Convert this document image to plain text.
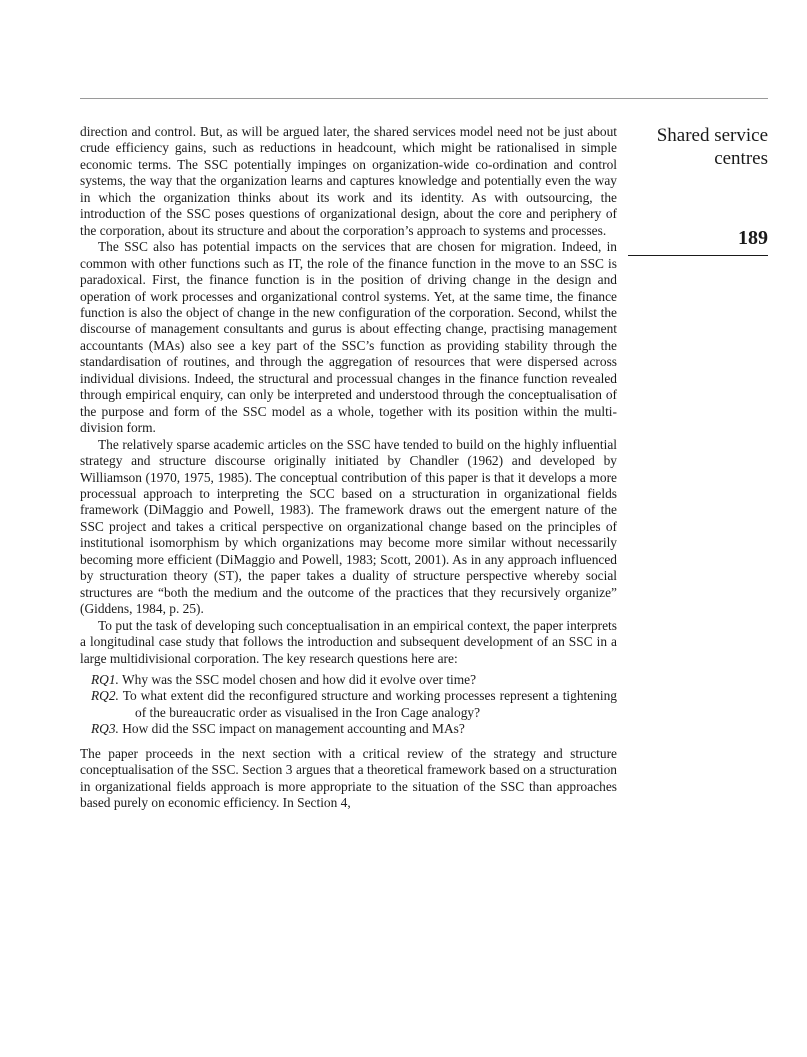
Shared service
centres
189

direction and control. But, as will be argued later, the shared services model need not be just about crude efficiency gains, such as reductions in headcount, which might be rationalised in simple economic terms. The SSC potentially impinges on organization-wide co-ordination and control systems, the way that the organization learns and captures knowledge and potentially even the way in which the organization thinks about its work and its identity. As with outsourcing, the introduction of the SSC poses questions of organizational design, about the core and periphery of the corporation, about its structure and about the corporation’s approach to systems and processes.

The SSC also has potential impacts on the services that are chosen for migration. Indeed, in common with other functions such as IT, the role of the finance function in the move to an SSC is paradoxical. First, the finance function is in the position of driving change in the design and operation of work processes and organizational control systems. Yet, at the same time, the finance function is also the object of change in the new configuration of the corporation. Second, whilst the discourse of management consultants and gurus is about effecting change, practising management accountants (MAs) also see a key part of the SSC’s function as providing stability through the standardisation of routines, and through the aggregation of resources that were dispersed across individual divisions. Indeed, the structural and processual changes in the finance function revealed through empirical enquiry, can only be interpreted and understood through the conceptualisation of the purpose and form of the SSC model as a whole, together with its position within the multi-division form.

The relatively sparse academic articles on the SSC have tended to build on the highly influential strategy and structure discourse originally initiated by Chandler (1962) and developed by Williamson (1970, 1975, 1985). The conceptual contribution of this paper is that it develops a more processual approach to interpreting the SCC based on a structuration in organizational fields framework (DiMaggio and Powell, 1983). The framework draws out the emergent nature of the SSC project and takes a critical perspective on organizational change based on the principles of institutional isomorphism by which organizations may become more similar without necessarily becoming more efficient (DiMaggio and Powell, 1983; Scott, 2001). As in any approach influenced by structuration theory (ST), the paper takes a duality of structure perspective whereby social structures are “both the medium and the outcome of the practices that they recursively organize” (Giddens, 1984, p. 25).

To put the task of developing such conceptualisation in an empirical context, the paper interprets a longitudinal case study that follows the introduction and subsequent development of an SSC in a large multidivisional corporation. The key research questions here are:

RQ1. Why was the SSC model chosen and how did it evolve over time?

RQ2. To what extent did the reconfigured structure and working processes represent a tightening of the bureaucratic order as visualised in the Iron Cage analogy?

RQ3. How did the SSC impact on management accounting and MAs?

The paper proceeds in the next section with a critical review of the strategy and structure conceptualisation of the SSC. Section 3 argues that a theoretical framework based on a structuration in organizational fields approach is more appropriate to the situation of the SSC than approaches based purely on economic efficiency. In Section 4,
